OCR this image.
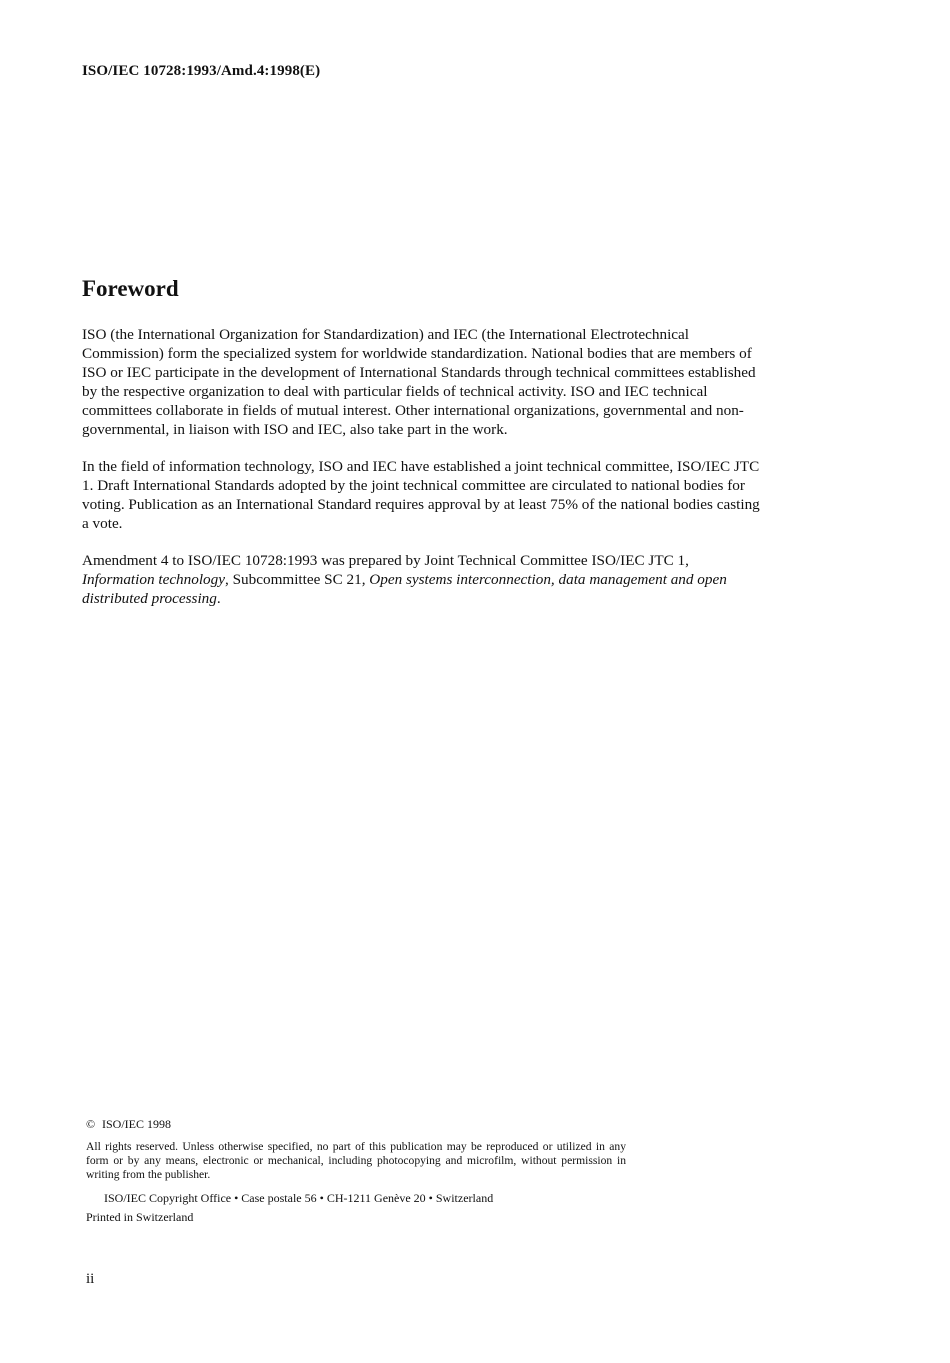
ISO/IEC 10728:1993/Amd.4:1998(E)
Foreword

ISO (the International Organization for Standardization) and IEC (the International Electrotechnical Commission) form the specialized system for worldwide standardization. National bodies that are members of ISO or IEC participate in the development of International Standards through technical committees established by the respective organization to deal with particular fields of technical activity. ISO and IEC technical committees collaborate in fields of mutual interest. Other international organizations, governmental and non-governmental, in liaison with ISO and IEC, also take part in the work.

In the field of information technology, ISO and IEC have established a joint technical committee, ISO/IEC JTC 1. Draft International Standards adopted by the joint technical committee are circulated to national bodies for voting. Publication as an International Standard requires approval by at least 75% of the national bodies casting a vote.

Amendment 4 to ISO/IEC 10728:1993 was prepared by Joint Technical Committee ISO/IEC JTC 1, Information technology, Subcommittee SC 21, Open systems interconnection, data management and open distributed processing.

© ISO/IEC 1998

All rights reserved. Unless otherwise specified, no part of this publication may be reproduced or utilized in any form or by any means, electronic or mechanical, including photocopying and microfilm, without permission in writing from the publisher.

ISO/IEC Copyright Office • Case postale 56 • CH-1211 Genève 20 • Switzerland

Printed in Switzerland

ii
